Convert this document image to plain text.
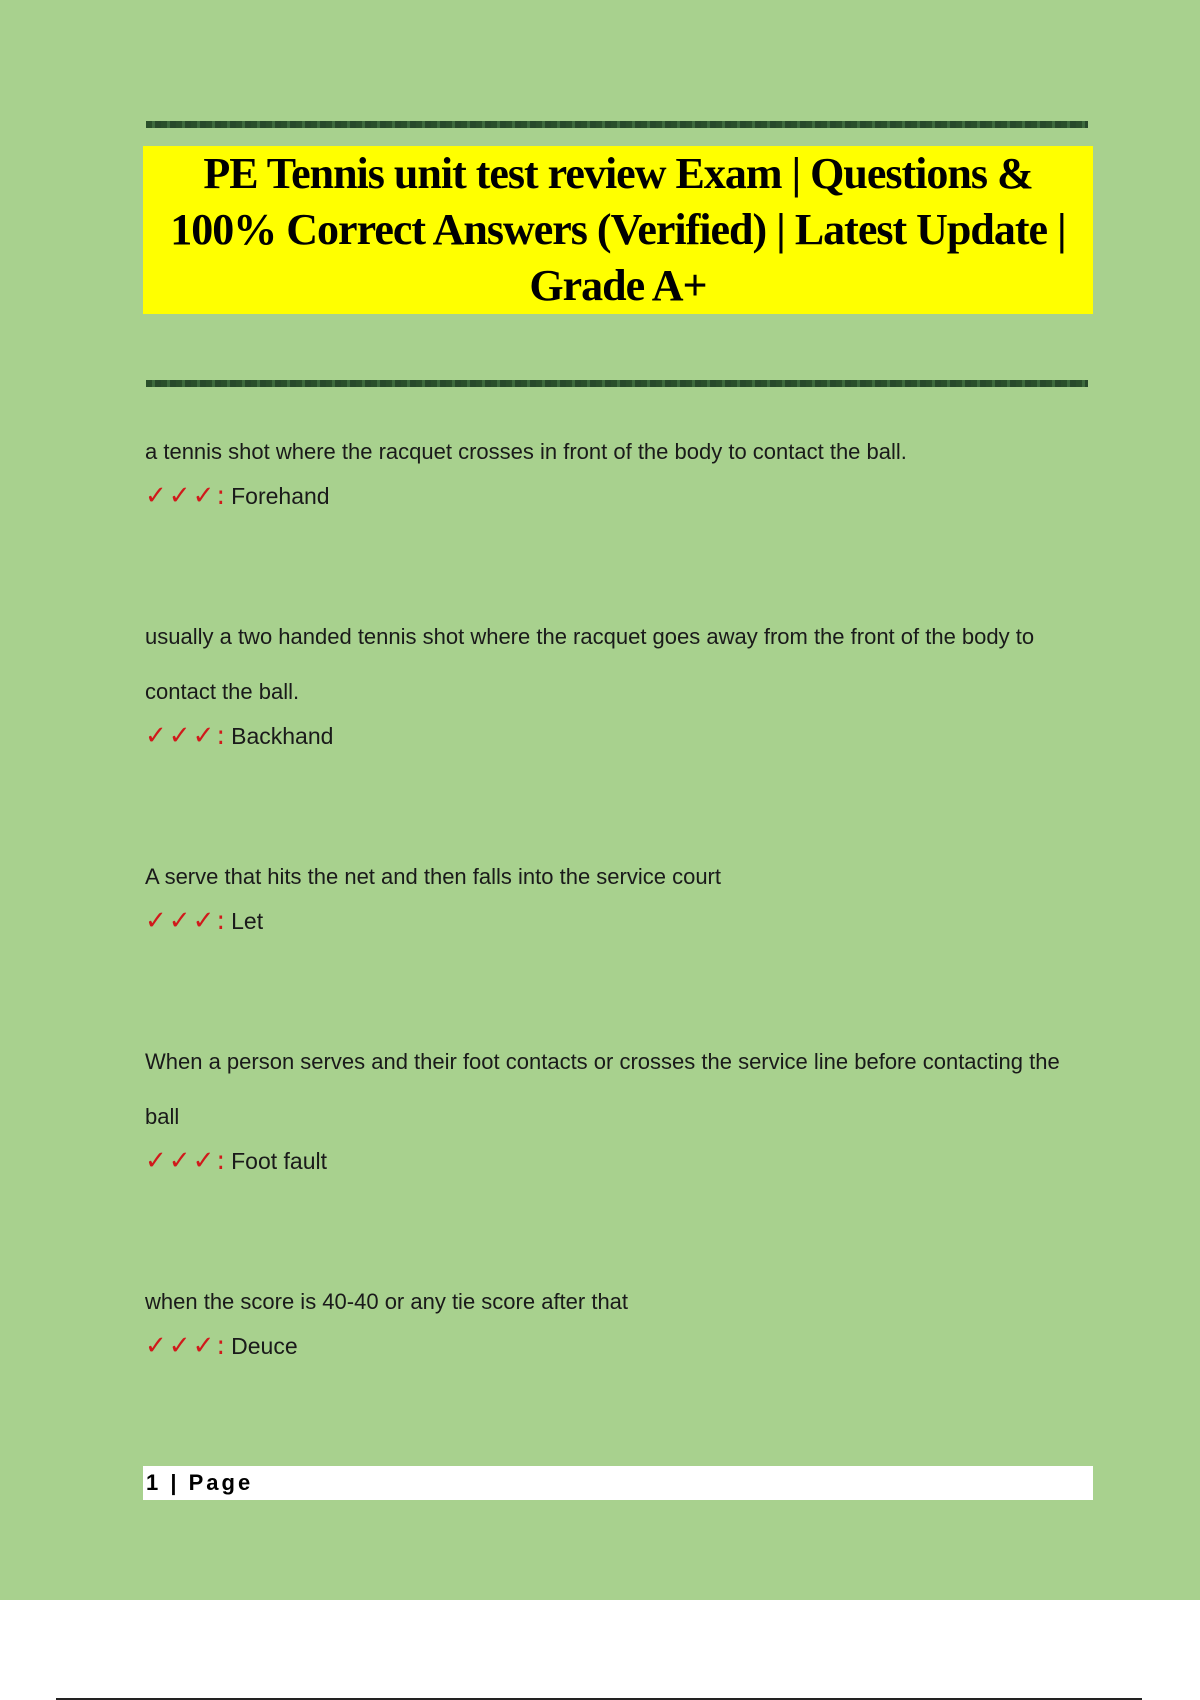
PE Tennis unit test review Exam | Questions & 100% Correct Answers (Verified) | Latest Update | Grade A+
a tennis shot where the racquet crosses in front of the body to contact the ball.
✓✓✓: Forehand
usually a two handed tennis shot where the racquet goes away from the front of the body to contact the ball.
✓✓✓: Backhand
A serve that hits the net and then falls into the service court
✓✓✓: Let
When a person serves and their foot contacts or crosses the service line before contacting the ball
✓✓✓: Foot fault
when the score is 40-40 or any tie score after that
✓✓✓: Deuce
1 | Page
